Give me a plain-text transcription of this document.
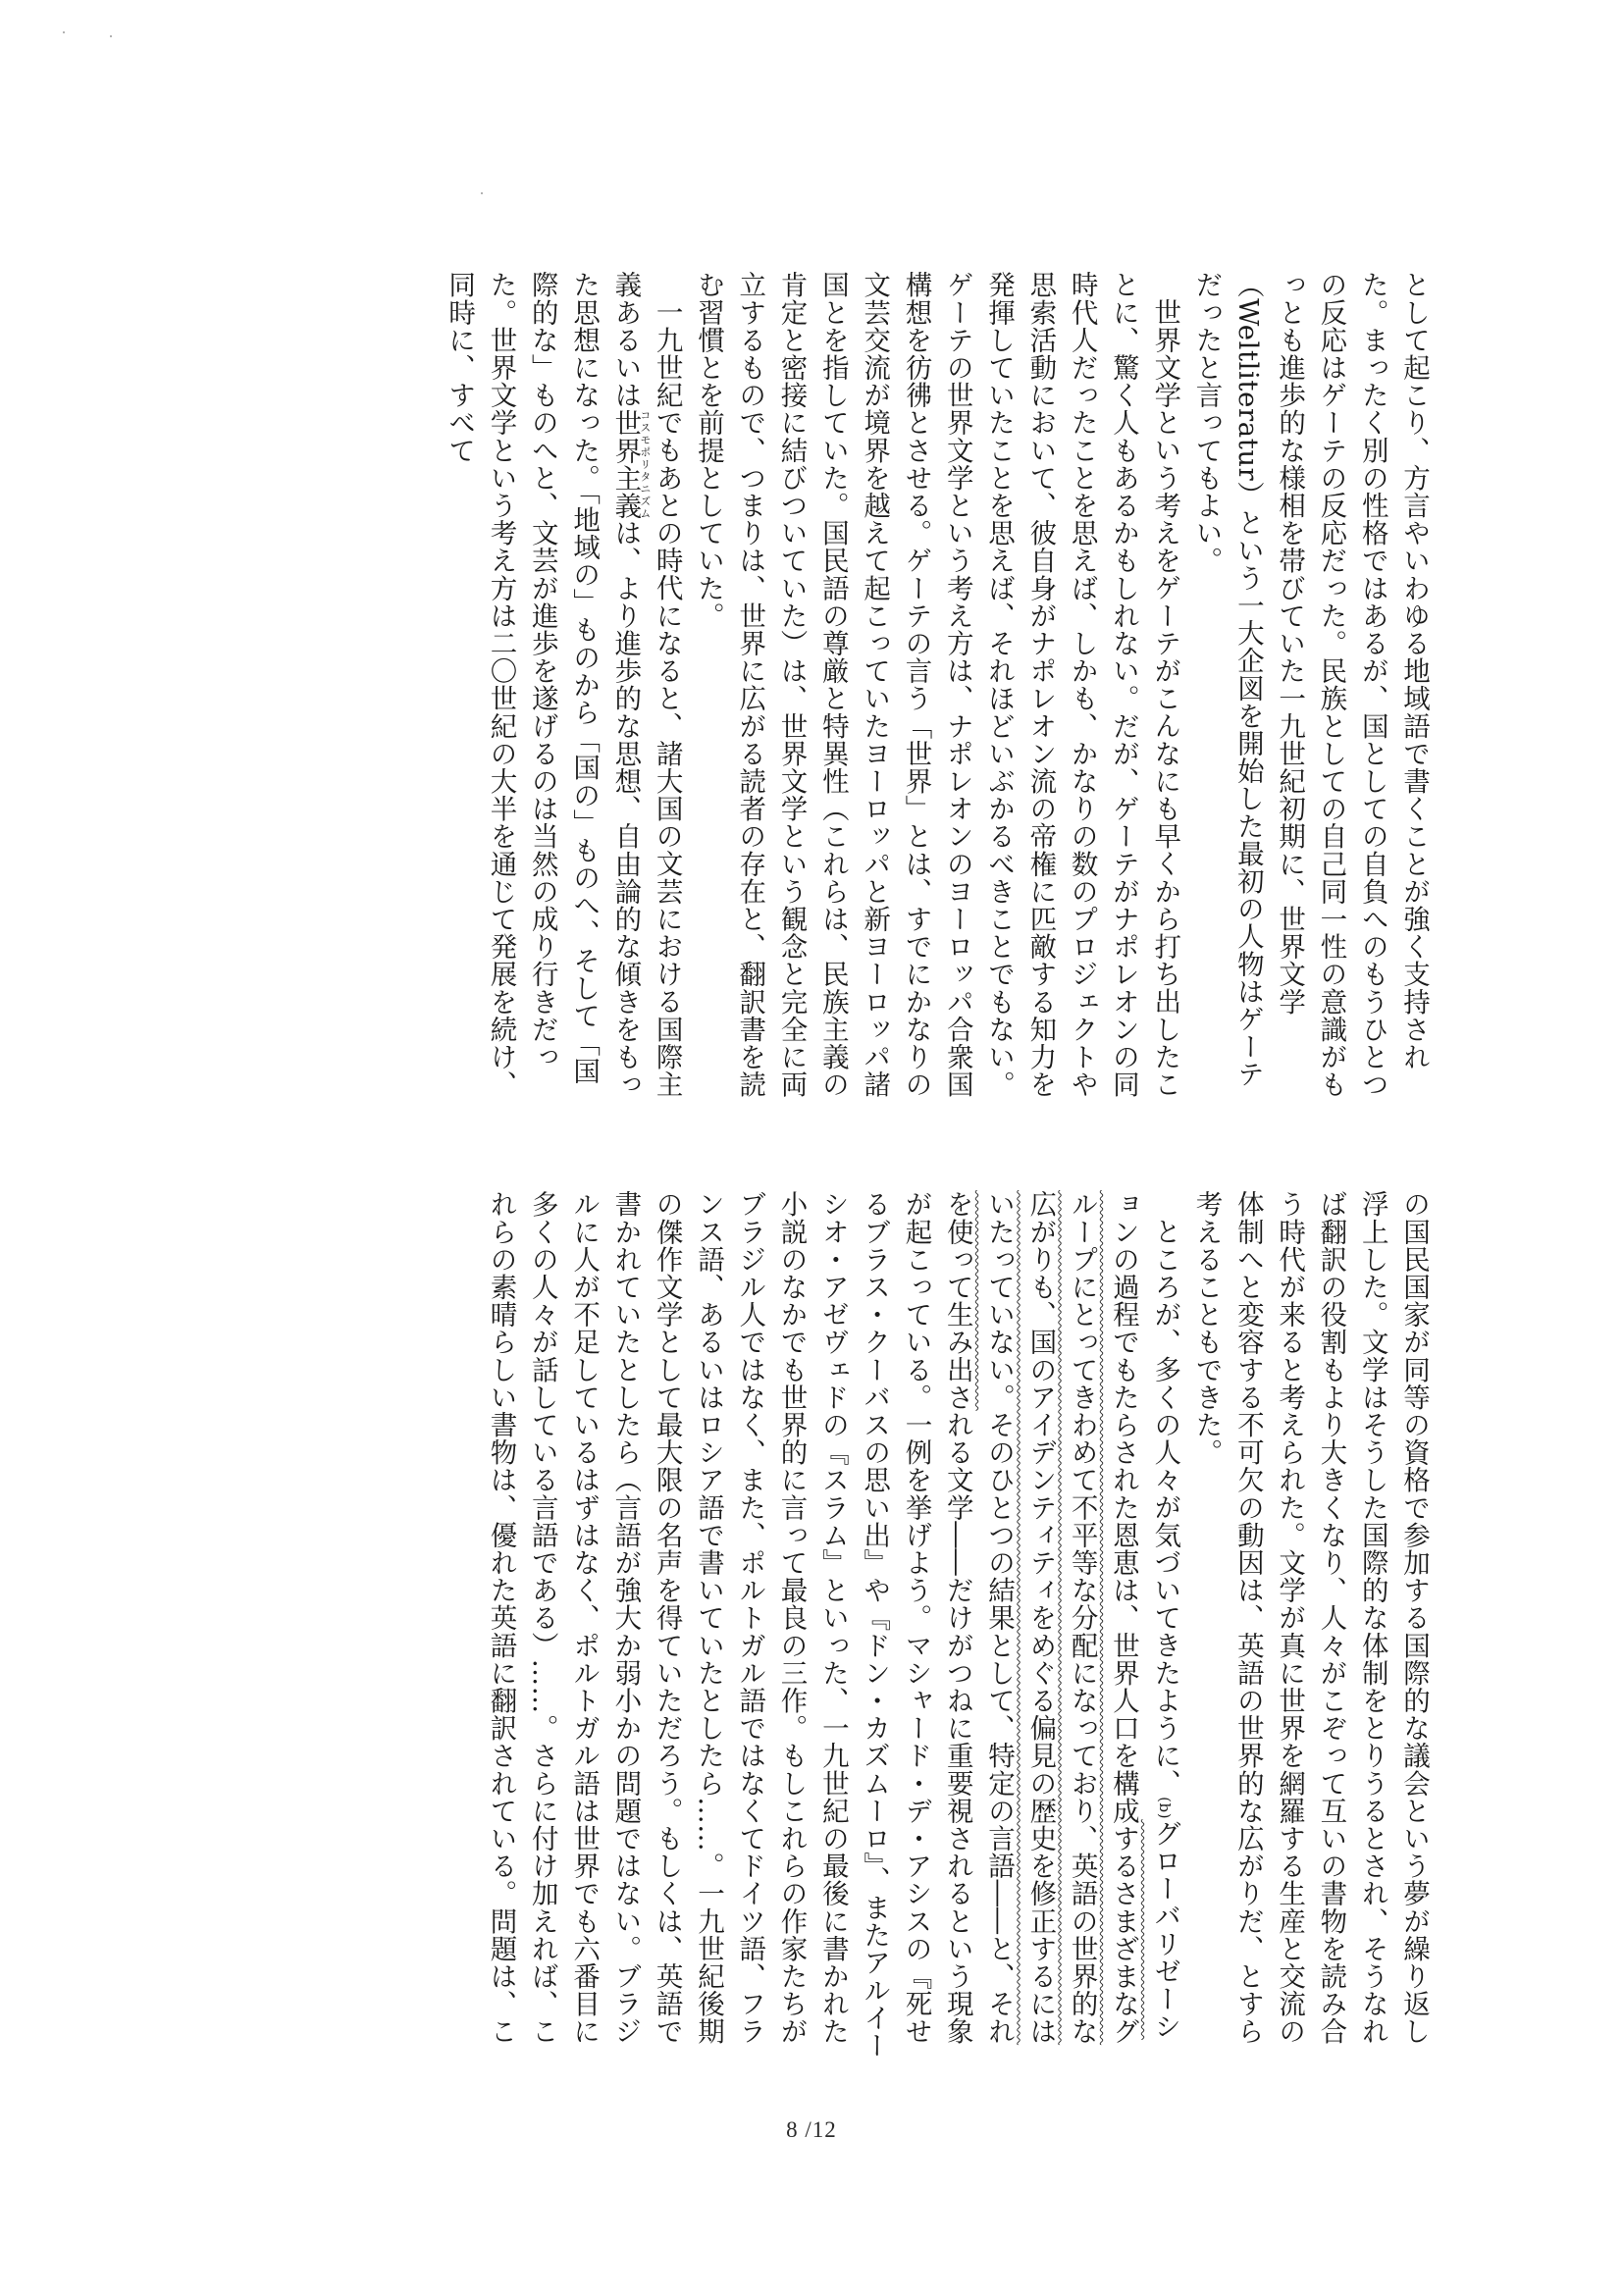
として起こり、方言やいわゆる地域語で書くことが強く支持された。まったく別の性格ではあるが、国としての自負へのもうひとつの反応はゲーテの反応だった。民族としての自己同一性の意識がもっとも進歩的な様相を帯びていた一九世紀初期に、世界文学（Weltliteratur）という一大企図を開始した最初の人物はゲーテだったと言ってもよい。

世界文学という考えをゲーテがこんなにも早くから打ち出したことに、驚く人もあるかもしれない。だが、ゲーテがナポレオンの同時代人だったことを思えば、しかも、かなりの数のプロジェクトや思索活動において、彼自身がナポレオン流の帝権に匹敵する知力を発揮していたことを思えば、それほどいぶかるべきことでもない。ゲーテの世界文学という考え方は、ナポレオンのヨーロッパ合衆国構想を彷彿とさせる。ゲーテの言う「世界」とは、すでにかなりの文芸交流が境界を越えて起こっていたヨーロッパと新ヨーロッパ諸国とを指していた。国民語の尊厳と特異性（これらは、民族主義の肯定と密接に結びついていた）は、世界文学という観念と完全に両立するもので、つまりは、世界に広がる読者の存在と、翻訳書を読む習慣とを前提としていた。

一九世紀でもあとの時代になると、諸大国の文芸における国際主義あるいは世界主義コスモポリタニズムは、より進歩的な思想、自由論的な傾きをもった思想になった。「地域の」ものから「国の」ものへ、そして「国際的な」ものへと、文芸が進歩を遂げるのは当然の成り行きだった。世界文学という考え方は二〇世紀の大半を通じて発展を続け、同時に、すべて

の国民国家が同等の資格で参加する国際的な議会という夢が繰り返し浮上した。文学はそうした国際的な体制をとりうるとされ、そうなれば翻訳の役割もより大きくなり、人々がこぞって互いの書物を読み合う時代が来ると考えられた。文学が真に世界を網羅する生産と交流の体制へと変容する不可欠の動因は、英語の世界的な広がりだ、とすら考えることもできた。

ところが、多くの人々が気づいてきたように、$^{(b)}$グローバリゼーションの過程でもたらされた恩恵は、世界人口を構成するさまざまなグループにとってきわめて不平等な分配になっており、英語の世界的な広がりも、国のアイデンティティをめぐる偏見の歴史を修正するにはいたっていない。そのひとつの結果として、特定の言語――と、それを使って生み出される文学――だけがつねに重要視されるという現象が起こっている。一例を挙げよう。マシャード・デ・アシスの『死せるブラス・クーバスの思い出』や『ドン・カズムーロ』、またアルイーシオ・アゼヴェドの『スラム』といった、一九世紀の最後に書かれた小説のなかでも世界的に言って最良の三作。もしこれらの作家たちがブラジル人ではなく、また、ポルトガル語ではなくてドイツ語、フランス語、あるいはロシア語で書いていたとしたら……。一九世紀後期の傑作文学として最大限の名声を得ていただろう。もしくは、英語で書かれていたとしたら（言語が強大か弱小かの問題ではない。ブラジルに人が不足しているはずはなく、ポルトガル語は世界でも六番目に多くの人々が話している言語である）……。さらに付け加えれば、これらの素晴らしい書物は、優れた英語に翻訳されている。問題は、こ

8 /12
